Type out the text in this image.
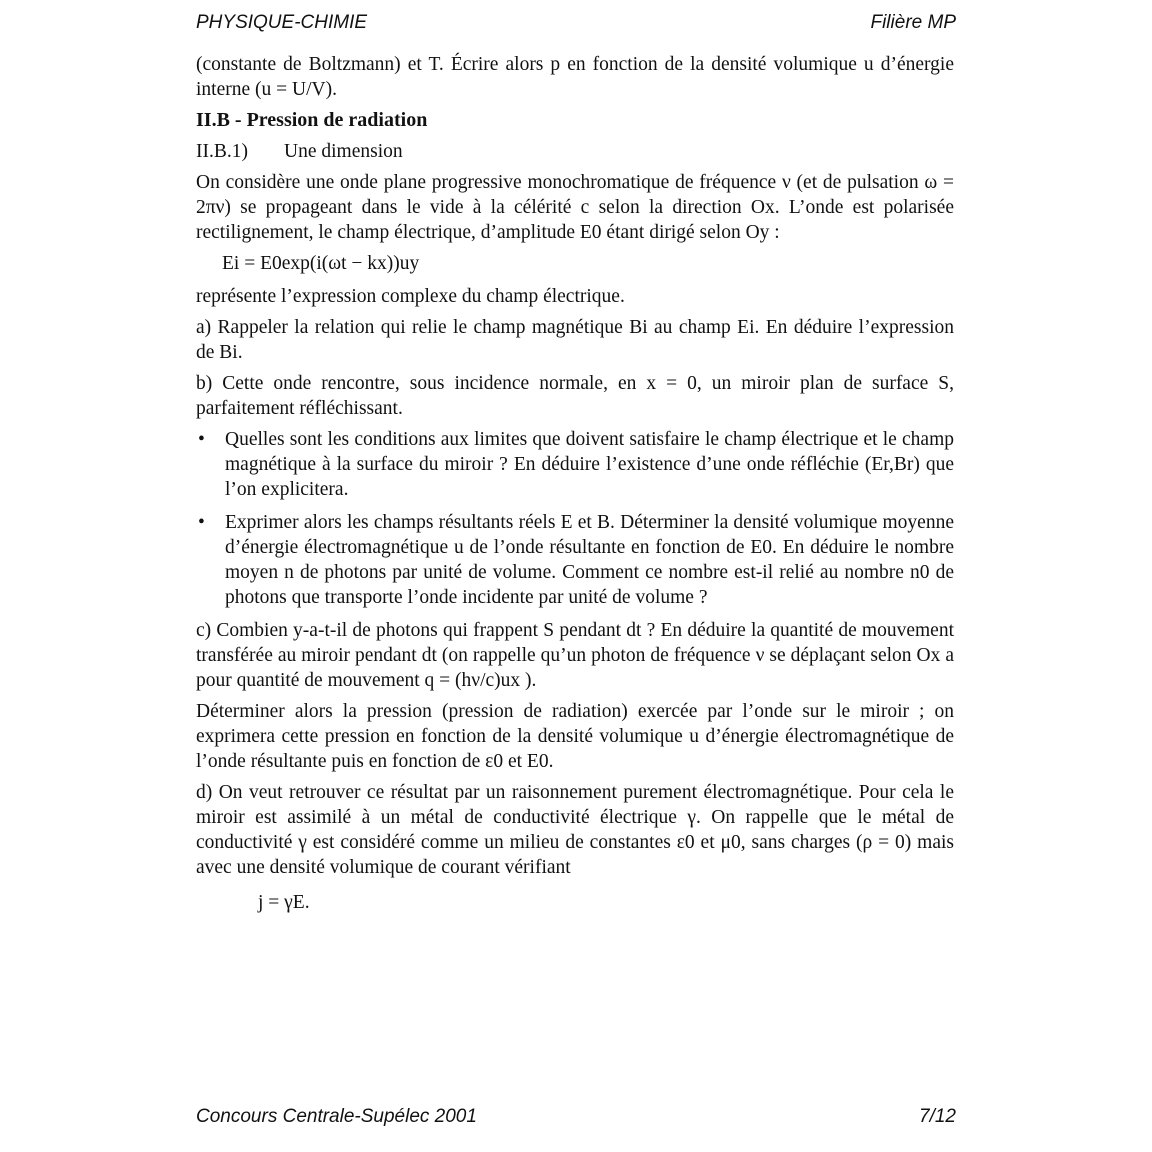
PHYSIQUE-CHIMIE	Filière MP

(constante de Boltzmann) et T. Écrire alors p en fonction de la densité volumique u d’énergie interne (u = U/V).

II.B - Pression de radiation
II.B.1) Une dimension

On considère une onde plane progressive monochromatique de fréquence ν (et de pulsation ω = 2πν) se propageant dans le vide à la célérité c selon la direction Ox. L’onde est polarisée rectilignement, le champ électrique, d’amplitude E0 étant dirigé selon Oy :

Ei = E0exp(i(ωt − kx))uy

représente l’expression complexe du champ électrique.

a) Rappeler la relation qui relie le champ magnétique Bi au champ Ei. En déduire l’expression de Bi.

b) Cette onde rencontre, sous incidence normale, en x = 0, un miroir plan de surface S, parfaitement réfléchissant.

• Quelles sont les conditions aux limites que doivent satisfaire le champ électrique et le champ magnétique à la surface du miroir ? En déduire l’existence d’une onde réfléchie (Er,Br) que l’on explicitera.
• Exprimer alors les champs résultants réels E et B. Déterminer la densité volumique moyenne d’énergie électromagnétique u de l’onde résultante en fonction de E0. En déduire le nombre moyen n de photons par unité de volume. Comment ce nombre est-il relié au nombre n0 de photons que transporte l’onde incidente par unité de volume ?

c) Combien y-a-t-il de photons qui frappent S pendant dt ? En déduire la quantité de mouvement transférée au miroir pendant dt (on rappelle qu’un photon de fréquence ν se déplaçant selon Ox a pour quantité de mouvement q = (hν/c)ux ).

Déterminer alors la pression (pression de radiation) exercée par l’onde sur le miroir ; on exprimera cette pression en fonction de la densité volumique u d’énergie électromagnétique de l’onde résultante puis en fonction de ε0 et E0.

d) On veut retrouver ce résultat par un raisonnement purement électromagnétique. Pour cela le miroir est assimilé à un métal de conductivité électrique γ. On rappelle que le métal de conductivité γ est considéré comme un milieu de constantes ε0 et μ0, sans charges (ρ = 0) mais avec une densité volumique de courant vérifiant

j = γE.
Concours Centrale-Supélec 2001	7/12
